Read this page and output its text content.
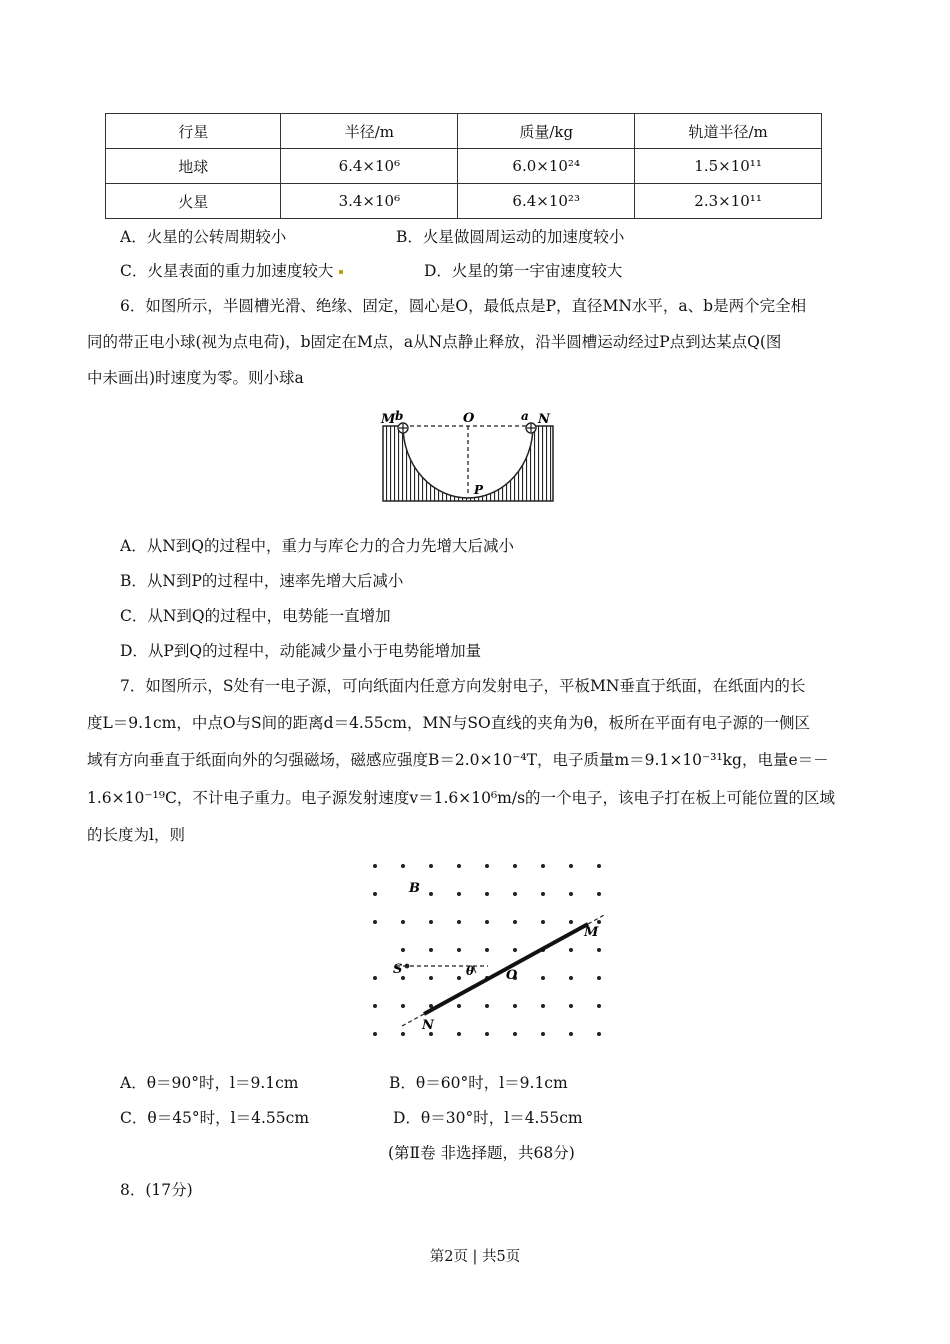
行星	半径/m	质量/kg	轨道半径/m
地球	6.4×10⁶	6.0×10²⁴	1.5×10¹¹
火星	3.4×10⁶	6.4×10²³	2.3×10¹¹
A．火星的公转周期较小	B．火星做圆周运动的加速度较小
C．火星表面的重力加速度较大	D．火星的第一宇宙速度较大
6．如图所示，半圆槽光滑、绝缘、固定，圆心是O，最低点是P，直径MN水平，a、b是两个完全相
同的带正电小球(视为点电荷)，b固定在M点，a从N点静止释放，沿半圆槽运动经过P点到达某点Q(图
中未画出)时速度为零。则小球a
M b	O	a N
P
A．从N到Q的过程中，重力与库仑力的合力先增大后减小
B．从N到P的过程中，速率先增大后减小
C．从N到Q的过程中，电势能一直增加
D．从P到Q的过程中，动能减少量小于电势能增加量
7．如图所示，S处有一电子源，可向纸面内任意方向发射电子，平板MN垂直于纸面，在纸面内的长
度L＝9.1cm，中点O与S间的距离d＝4.55cm，MN与SO直线的夹角为θ，板所在平面有电子源的一侧区
域有方向垂直于纸面向外的匀强磁场，磁感应强度B＝2.0×10⁻⁴T，电子质量m＝9.1×10⁻³¹kg，电量e＝－
1.6×10⁻¹⁹C，不计电子重力。电子源发射速度v＝1.6×10⁶m/s的一个电子，该电子打在板上可能位置的区域
的长度为l，则
B
M
S	θ O
N
A．θ＝90°时，l＝9.1cm	B．θ＝60°时，l＝9.1cm
C．θ＝45°时，l＝4.55cm	D．θ＝30°时，l＝4.55cm
(第Ⅱ卷 非选择题，共68分)
8．(17分)
第2页 | 共5页
